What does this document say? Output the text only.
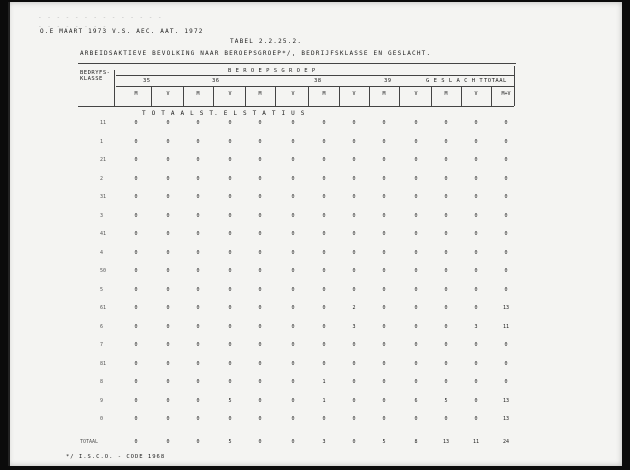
- - - - - - - - - - - - - -
- - - - - - - -
O.E MAART 1973 V.S. AEC. AAT. 1972
TABEL 2.2.25.2.
ARBEIDSAKTIEVE BEVOLKING NAAR BEROEPSGROEP*/, BEDRIJFSKLASSE EN GESLACHT.
BEDRYFS-KLASSE
B E R O E P S G R O E P
35	36	38	39	G E S L A C H T TOTAAL
M	V	M	V	M	V	M	V	M	V	M	V	M+V
T O T A A L S T. E L S T A T I U S
11	0	0	0	0	0	0	0	0	0	0	0	0	0
1	0	0	0	0	0	0	0	0	0	0	0	0	0
21	0	0	0	0	0	0	0	0	0	0	0	0	0
2	0	0	0	0	0	0	0	0	0	0	0	0	0
31	0	0	0	0	0	0	0	0	0	0	0	0	0
3	0	0	0	0	0	0	0	0	0	0	0	0	0
41	0	0	0	0	0	0	0	0	0	0	0	0	0
4	0	0	0	0	0	0	0	0	0	0	0	0	0
50	0	0	0	0	0	0	0	0	0	0	0	0	0
5	0	0	0	0	0	0	0	0	0	0	0	0	0
61	0	0	0	0	0	0	0	2	0	0	0	0	13
6	0	0	0	0	0	0	0	3	0	0	0	3	11
7	0	0	0	0	0	0	0	0	0	0	0	0	0
81	0	0	0	0	0	0	0	0	0	0	0	0	0
8	0	0	0	0	0	0	1	0	0	0	0	0	0
9	0	0	0	5	0	0	1	0	0	6	5	0	13
0	0	0	0	0	0	0	0	0	0	0	0	0	13
TOTAAL	0	0	0	5	0	0	3	0	5	8	13	11	24
*/ I.S.C.O. - CODE 1968
